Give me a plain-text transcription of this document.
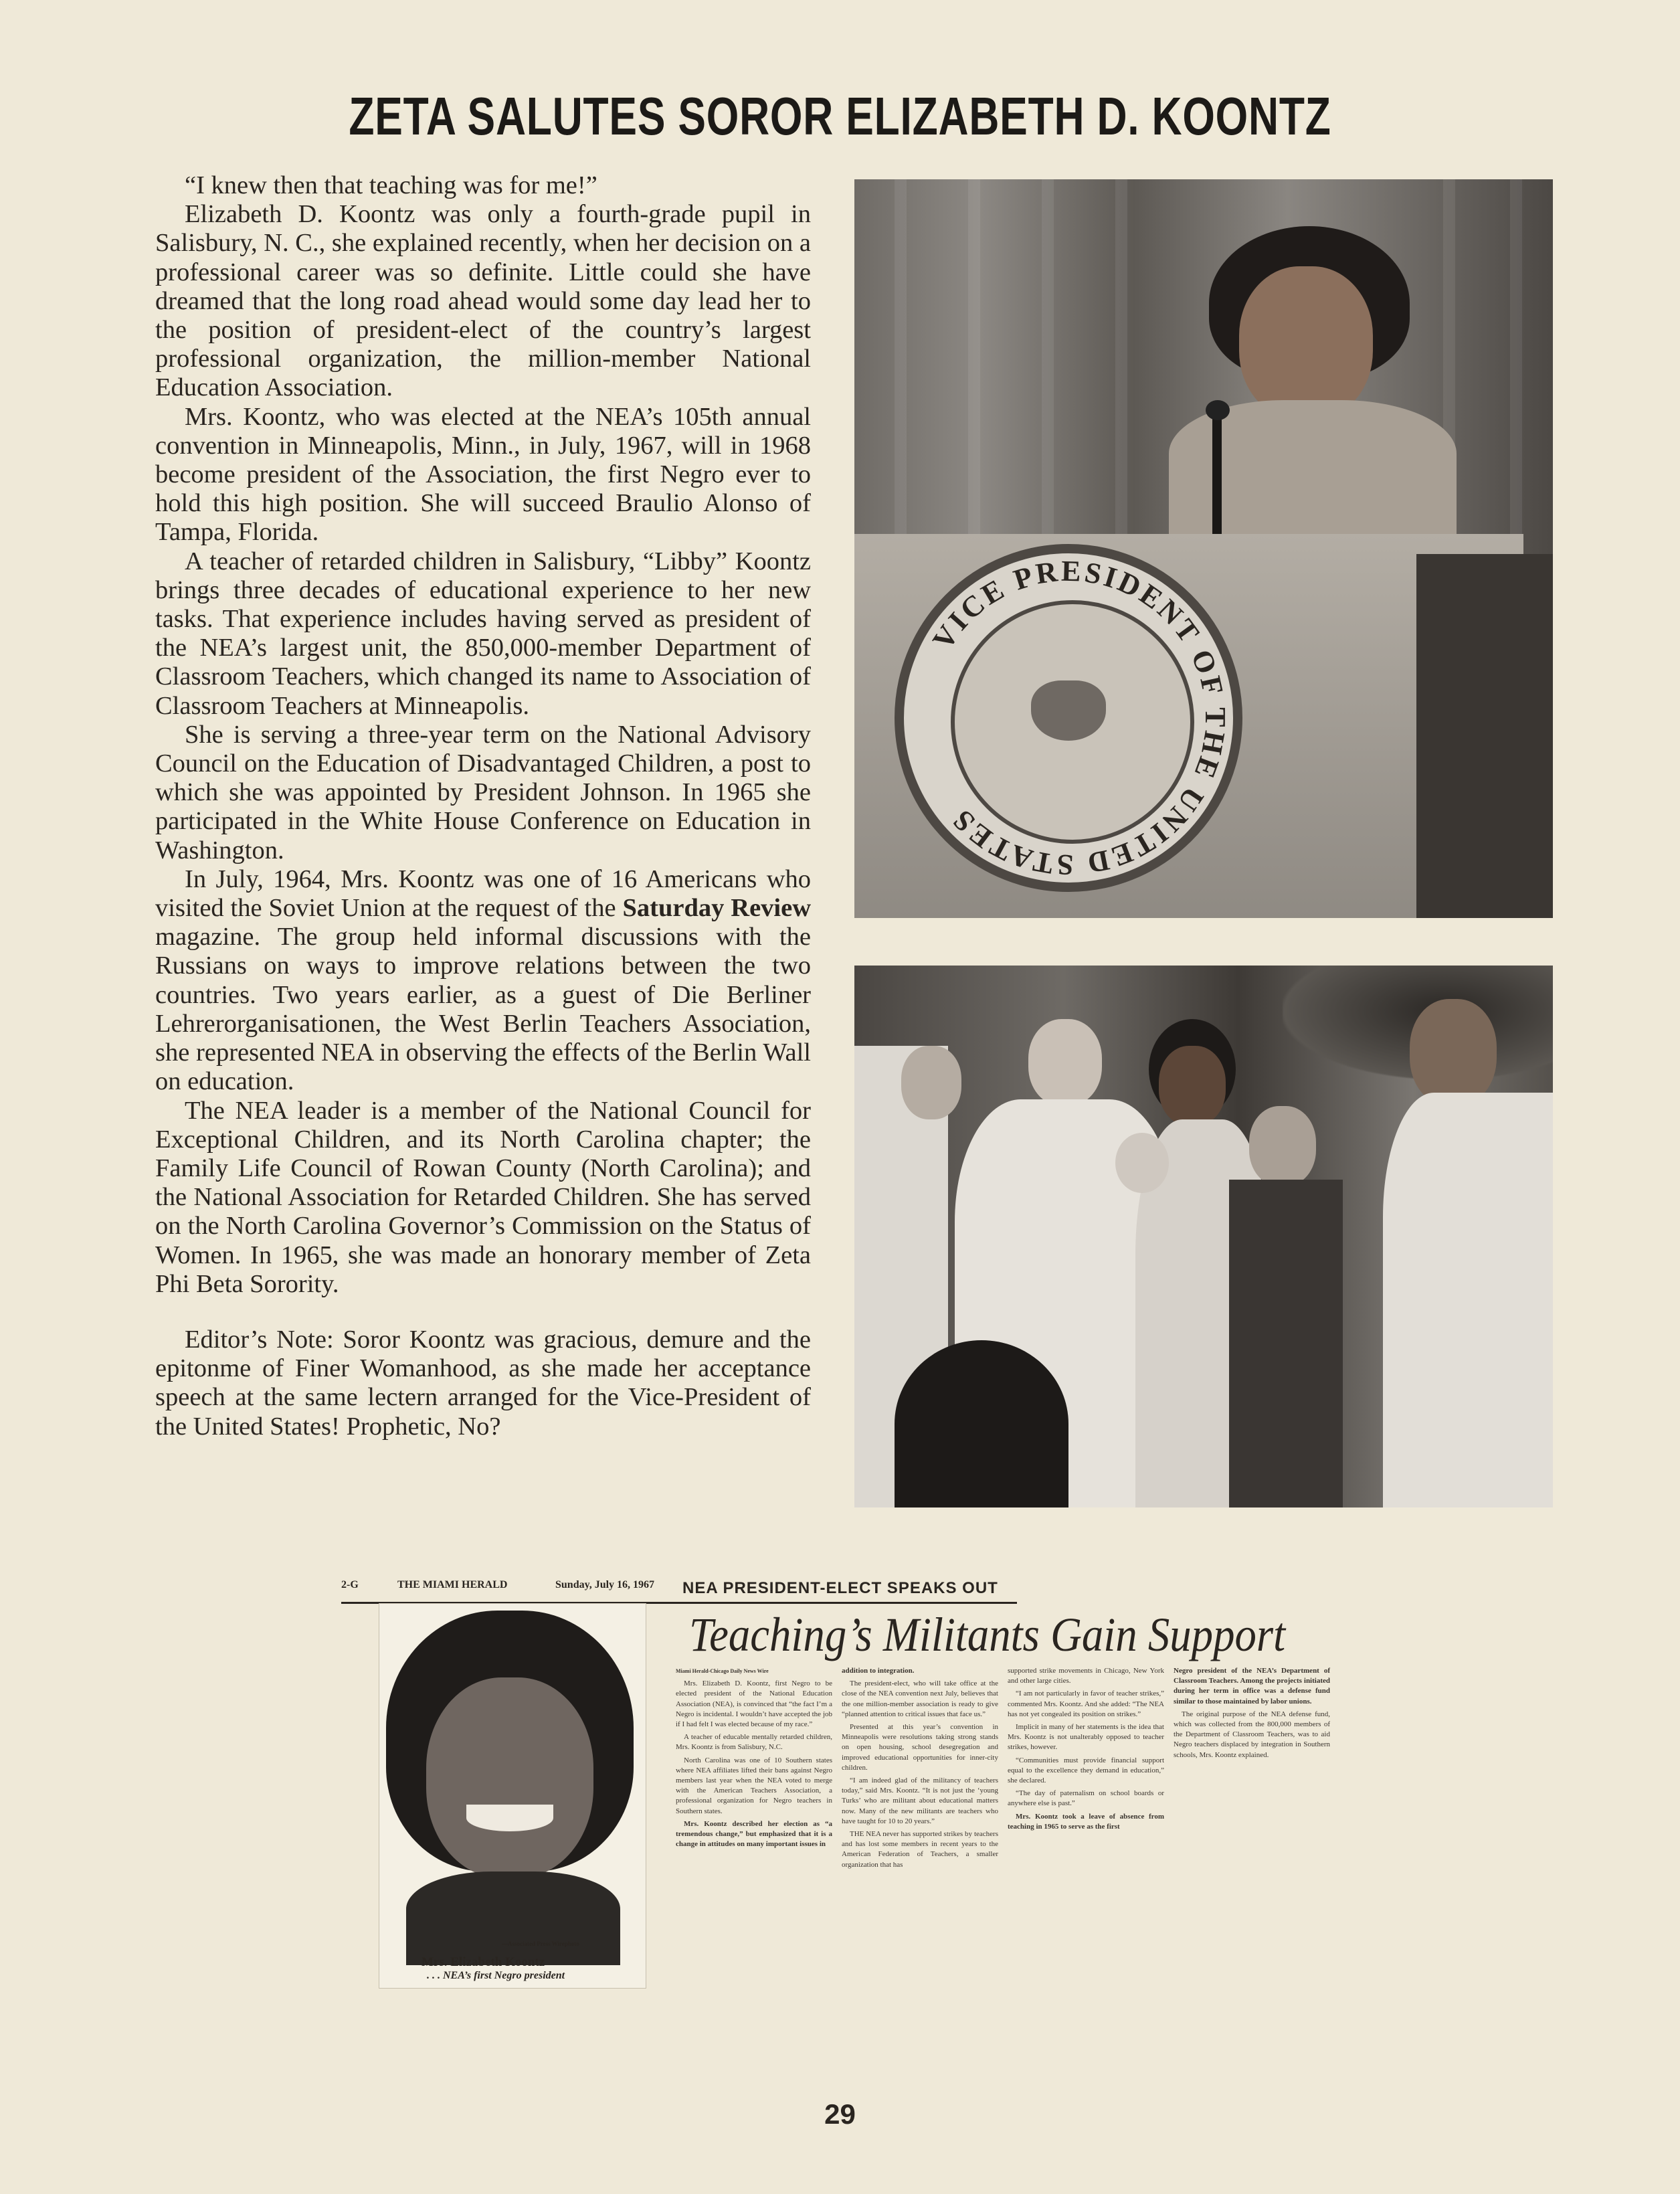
ZETA SALUTES SOROR ELIZABETH D. KOONTZ

“I knew then that teaching was for me!”

Elizabeth D. Koontz was only a fourth-grade pupil in Salisbury, N. C., she explained recently, when her decision on a professional career was so definite. Little could she have dreamed that the long road ahead would some day lead her to the position of president-elect of the country’s largest professional organization, the million-member National Education Association.

Mrs. Koontz, who was elected at the NEA’s 105th annual convention in Minneapolis, Minn., in July, 1967, will in 1968 become president of the Association, the first Negro ever to hold this high position. She will succeed Braulio Alonso of Tampa, Florida.

A teacher of retarded children in Salisbury, “Libby” Koontz brings three decades of educational experience to her new tasks. That experience includes having served as president of the NEA’s largest unit, the 850,000-member Department of Classroom Teachers, which changed its name to Association of Classroom Teachers at Minneapolis.

She is serving a three-year term on the National Advisory Council on the Education of Disadvantaged Children, a post to which she was appointed by President Johnson. In 1965 she participated in the White House Conference on Education in Washington.

In July, 1964, Mrs. Koontz was one of 16 Americans who visited the Soviet Union at the request of the Saturday Review magazine. The group held informal discussions with the Russians on ways to improve relations between the two countries. Two years earlier, as a guest of Die Berliner Lehrerorganisationen, the West Berlin Teachers Association, she represented NEA in observing the effects of the Berlin Wall on education.

The NEA leader is a member of the National Council for Exceptional Children, and its North Carolina chapter; the Family Life Council of Rowan County (North Carolina); and the National Association for Retarded Children. She has served on the North Carolina Governor’s Commission on the Status of Women. In 1965, she was made an honorary member of Zeta Phi Beta Sorority.

Editor’s Note: Soror Koontz was gracious, demure and the epitonme of Finer Womanhood, as she made her acceptance speech at the same lectern arranged for the Vice-President of the United States! Prophetic, No?

VICE PRESIDENT OF THE UNITED STATES
2-G	THE MIAMI HERALD	Sunday, July 16, 1967 NEA PRESIDENT-ELECT SPEAKS OUT
—Associated Press Wirephoto
Mrs. Elizabeth Koontz
. . . NEA’s first Negro president
Teaching’s Militants Gain Support

Miami Herald-Chicago Daily News Wire

Mrs. Elizabeth D. Koontz, first Negro to be elected president of the National Education Association (NEA), is convinced that “the fact I’m a Negro is incidental. I wouldn’t have accepted the job if I had felt I was elected because of my race.”

A teacher of educable mentally retarded children, Mrs. Koontz is from Salisbury, N.C.

North Carolina was one of 10 Southern states where NEA affiliates lifted their bans against Negro members last year when the NEA voted to merge with the American Teachers Association, a professional organization for Negro teachers in Southern states.

Mrs. Koontz described her election as “a tremendous change,” but emphasized that it is a change in attitudes on many important issues in

addition to integration.

The president-elect, who will take office at the close of the NEA convention next July, believes that the one million-member association is ready to give “planned attention to critical issues that face us.”

Presented at this year’s convention in Minneapolis were resolutions taking strong stands on open housing, school desegregation and improved educational opportunities for inner-city children.

“I am indeed glad of the militancy of teachers today,” said Mrs. Koontz. “It is not just the ‘young Turks’ who are militant about educational matters now. Many of the new militants are teachers who have taught for 10 to 20 years.”

THE NEA never has supported strikes by teachers and has lost some members in recent years to the American Federation of Teachers, a smaller organization that has

supported strike movements in Chicago, New York and other large cities.

“I am not particularly in favor of teacher strikes,” commented Mrs. Koontz. And she added: “The NEA has not yet congealed its position on strikes.”

Implicit in many of her statements is the idea that Mrs. Koontz is not unalterably opposed to teacher strikes, however.

“Communities must provide financial support equal to the excellence they demand in education,” she declared.

“The day of paternalism on school boards or anywhere else is past.”

Mrs. Koontz took a leave of absence from teaching in 1965 to serve as the first

Negro president of the NEA’s Department of Classroom Teachers. Among the projects initiated during her term in office was a defense fund similar to those maintained by labor unions.

The original purpose of the NEA defense fund, which was collected from the 800,000 members of the Department of Classroom Teachers, was to aid Negro teachers displaced by integration in Southern schools, Mrs. Koontz explained.

29
